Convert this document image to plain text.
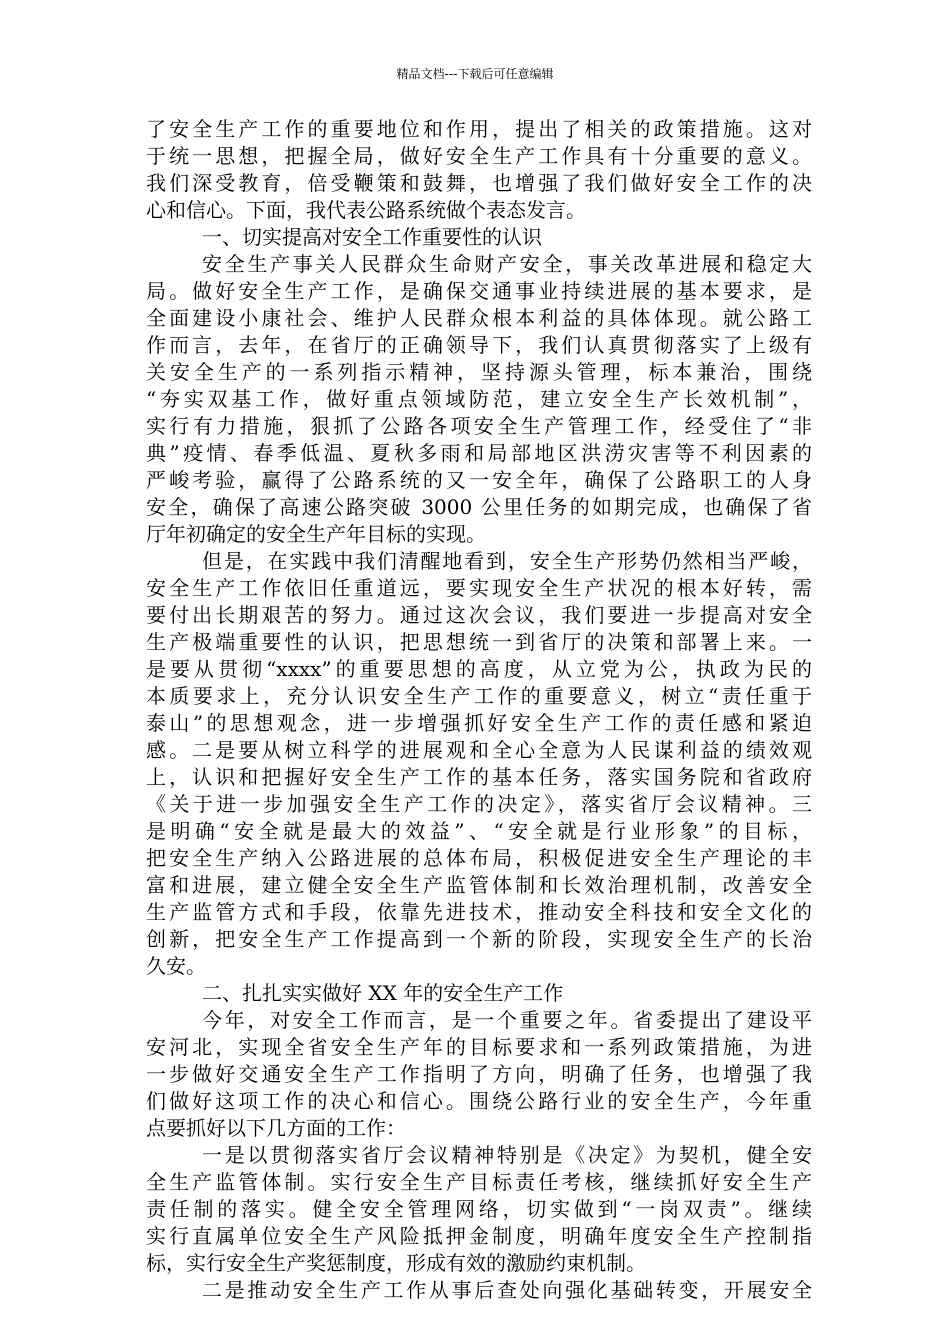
精品文档---下载后可任意编辑
了安全生产工作的重要地位和作用，提出了相关的政策措施。这对
于统一思想，把握全局，做好安全生产工作具有十分重要的意义。
我们深受教育，倍受鞭策和鼓舞，也增强了我们做好安全工作的决
心和信心。下面，我代表公路系统做个表态发言。
一、切实提高对安全工作重要性的认识
安全生产事关人民群众生命财产安全，事关改革进展和稳定大
局。做好安全生产工作，是确保交通事业持续进展的基本要求，是
全面建设小康社会、维护人民群众根本利益的具体体现。就公路工
作而言，去年，在省厅的正确领导下，我们认真贯彻落实了上级有
关安全生产的一系列指示精神，坚持源头管理，标本兼治，围绕
“夯实双基工作，做好重点领域防范，建立安全生产长效机制”，
实行有力措施，狠抓了公路各项安全生产管理工作，经受住了“非
典”疫情、春季低温、夏秋多雨和局部地区洪涝灾害等不利因素的
严峻考验，赢得了公路系统的又一安全年，确保了公路职工的人身
安全，确保了高速公路突破 3000 公里任务的如期完成，也确保了省
厅年初确定的安全生产年目标的实现。
但是，在实践中我们清醒地看到，安全生产形势仍然相当严峻，
安全生产工作依旧任重道远，要实现安全生产状况的根本好转，需
要付出长期艰苦的努力。通过这次会议，我们要进一步提高对安全
生产极端重要性的认识，把思想统一到省厅的决策和部署上来。一
是要从贯彻“xxxx”的重要思想的高度，从立党为公，执政为民的
本质要求上，充分认识安全生产工作的重要意义，树立“责任重于
泰山”的思想观念，进一步增强抓好安全生产工作的责任感和紧迫
感。二是要从树立科学的进展观和全心全意为人民谋利益的绩效观
上，认识和把握好安全生产工作的基本任务，落实国务院和省政府
《关于进一步加强安全生产工作的决定》，落实省厅会议精神。三
是明确“安全就是最大的效益”、“安全就是行业形象”的目标，
把安全生产纳入公路进展的总体布局，积极促进安全生产理论的丰
富和进展，建立健全安全生产监管体制和长效治理机制，改善安全
生产监管方式和手段，依靠先进技术，推动安全科技和安全文化的
创新，把安全生产工作提高到一个新的阶段，实现安全生产的长治
久安。
二、扎扎实实做好 XX 年的安全生产工作
今年，对安全工作而言，是一个重要之年。省委提出了建设平
安河北，实现全省安全生产年的目标要求和一系列政策措施，为进
一步做好交通安全生产工作指明了方向，明确了任务，也增强了我
们做好这项工作的决心和信心。围绕公路行业的安全生产，今年重
点要抓好以下几方面的工作：
一是以贯彻落实省厅会议精神特别是《决定》为契机，健全安
全生产监管体制。实行安全生产目标责任考核，继续抓好安全生产
责任制的落实。健全安全管理网络，切实做到“一岗双责”。继续
实行直属单位安全生产风险抵押金制度，明确年度安全生产控制指
标，实行安全生产奖惩制度，形成有效的激励约束机制。
二是推动安全生产工作从事后查处向强化基础转变，开展安全
